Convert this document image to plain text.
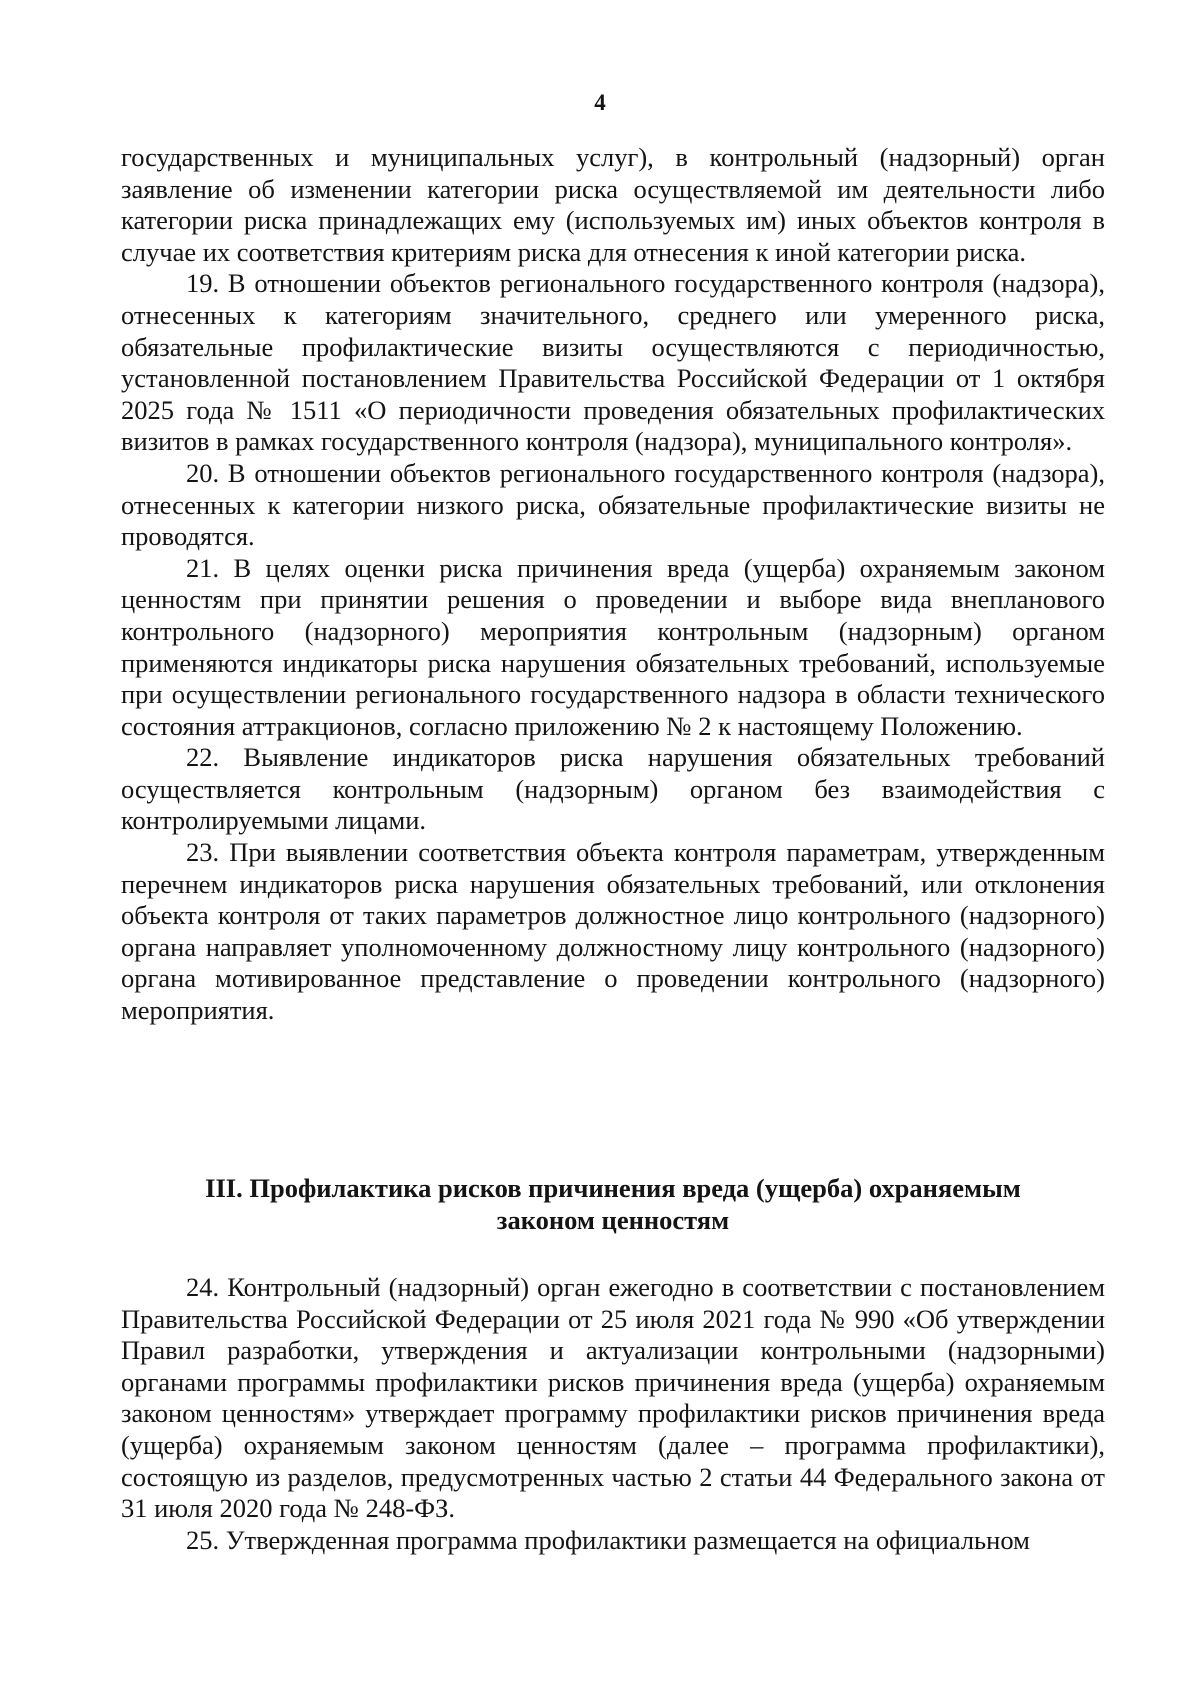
4

государственных и муниципальных услуг), в контрольный (надзорный) орган заявление об изменении категории риска осуществляемой им деятельности либо категории риска принадлежащих ему (используемых им) иных объектов контроля в случае их соответствия критериям риска для отнесения к иной категории риска.

19. В отношении объектов регионального государственного контроля (надзора), отнесенных к категориям значительного, среднего или умеренного риска, обязательные профилактические визиты осуществляются с периодичностью, установленной постановлением Правительства Российской Федерации от 1 октября 2025 года № 1511 «О периодичности проведения обязательных профилактических визитов в рамках государственного контроля (надзора), муниципального контроля».

20. В отношении объектов регионального государственного контроля (надзора), отнесенных к категории низкого риска, обязательные профилактические визиты не проводятся.

21. В целях оценки риска причинения вреда (ущерба) охраняемым законом ценностям при принятии решения о проведении и выборе вида внепланового контрольного (надзорного) мероприятия контрольным (надзорным) органом применяются индикаторы риска нарушения обязательных требований, используемые при осуществлении регионального государственного надзора в области технического состояния аттракционов, согласно приложению № 2 к настоящему Положению.

22. Выявление индикаторов риска нарушения обязательных требований осуществляется контрольным (надзорным) органом без взаимодействия с контролируемыми лицами.

23. При выявлении соответствия объекта контроля параметрам, утвержденным перечнем индикаторов риска нарушения обязательных требований, или отклонения объекта контроля от таких параметров должностное лицо контрольного (надзорного) органа направляет уполномоченному должностному лицу контрольного (надзорного) органа мотивированное представление о проведении контрольного (надзорного) мероприятия.

III. Профилактика рисков причинения вреда (ущерба) охраняемым
законом ценностям

24. Контрольный (надзорный) орган ежегодно в соответствии с постановлением Правительства Российской Федерации от 25 июля 2021 года № 990 «Об утверждении Правил разработки, утверждения и актуализации контрольными (надзорными) органами программы профилактики рисков причинения вреда (ущерба) охраняемым законом ценностям» утверждает программу профилактики рисков причинения вреда (ущерба) охраняемым законом ценностям (далее – программа профилактики), состоящую из разделов, предусмотренных частью 2 статьи 44 Федерального закона от 31 июля 2020 года № 248-ФЗ.

25. Утвержденная программа профилактики размещается на официальном
